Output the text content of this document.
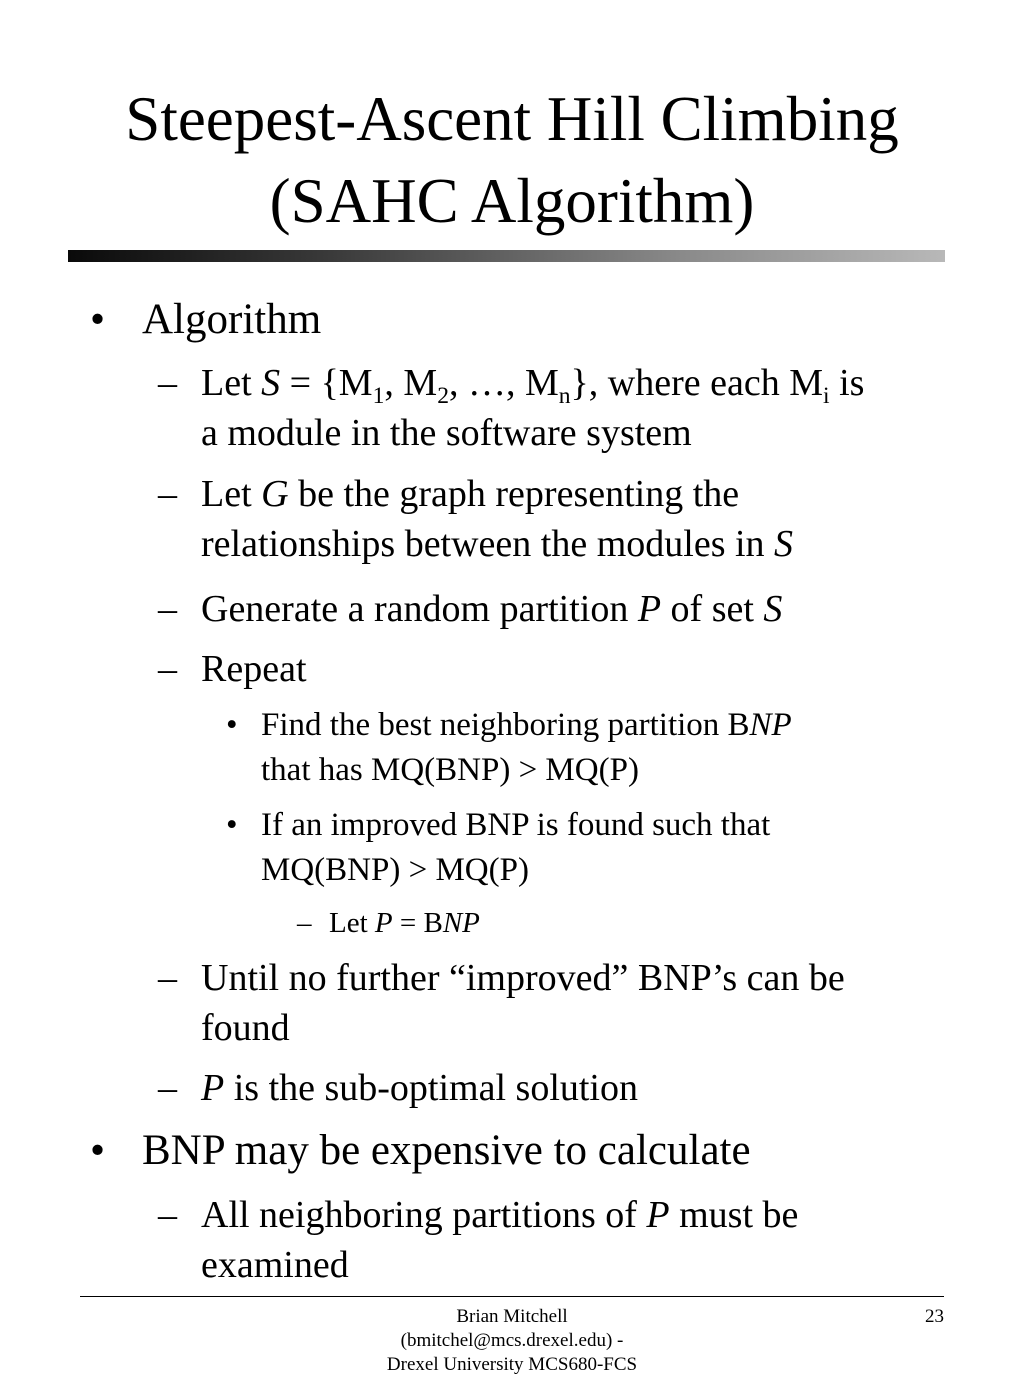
Steepest-Ascent Hill Climbing
(SAHC Algorithm)
• Algorithm
– Let $S = \{M_1$, $M_2$, …, $M_n$}, where each $M_i$ is
a module in the software system
– Let G be the graph representing the
relationships between the modules in S
– Generate a random partition P of set S
– Repeat
• Find the best neighboring partition BNP
that has MQ(BNP) > MQ(P)
• If an improved BNP is found such that
MQ(BNP) > MQ(P)
– Let P = BNP
– Until no further “improved” BNP’s can be
found
– P is the sub-optimal solution
• BNP may be expensive to calculate
– All neighboring partitions of P must be
examined
Brian Mitchell
(bmitchel@mcs.drexel.edu) -
Drexel University MCS680-FCS
23
